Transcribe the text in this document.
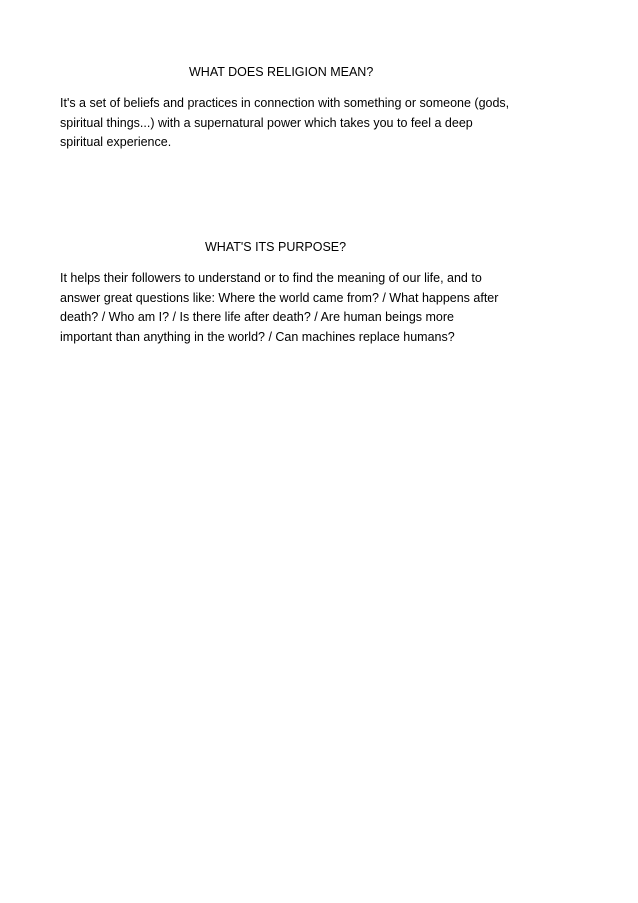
WHAT DOES RELIGION MEAN?

It's a set of beliefs and practices in connection with something or someone (gods,
spiritual things...) with a supernatural power which takes you to feel a deep
spiritual experience.

WHAT'S ITS PURPOSE?

It helps their followers to understand or to find the meaning of our life, and to
answer great questions like: Where the world came from? / What happens after
death? / Who am I? / Is there life after death? / Are human beings more
important than anything in the world? / Can machines replace humans?
